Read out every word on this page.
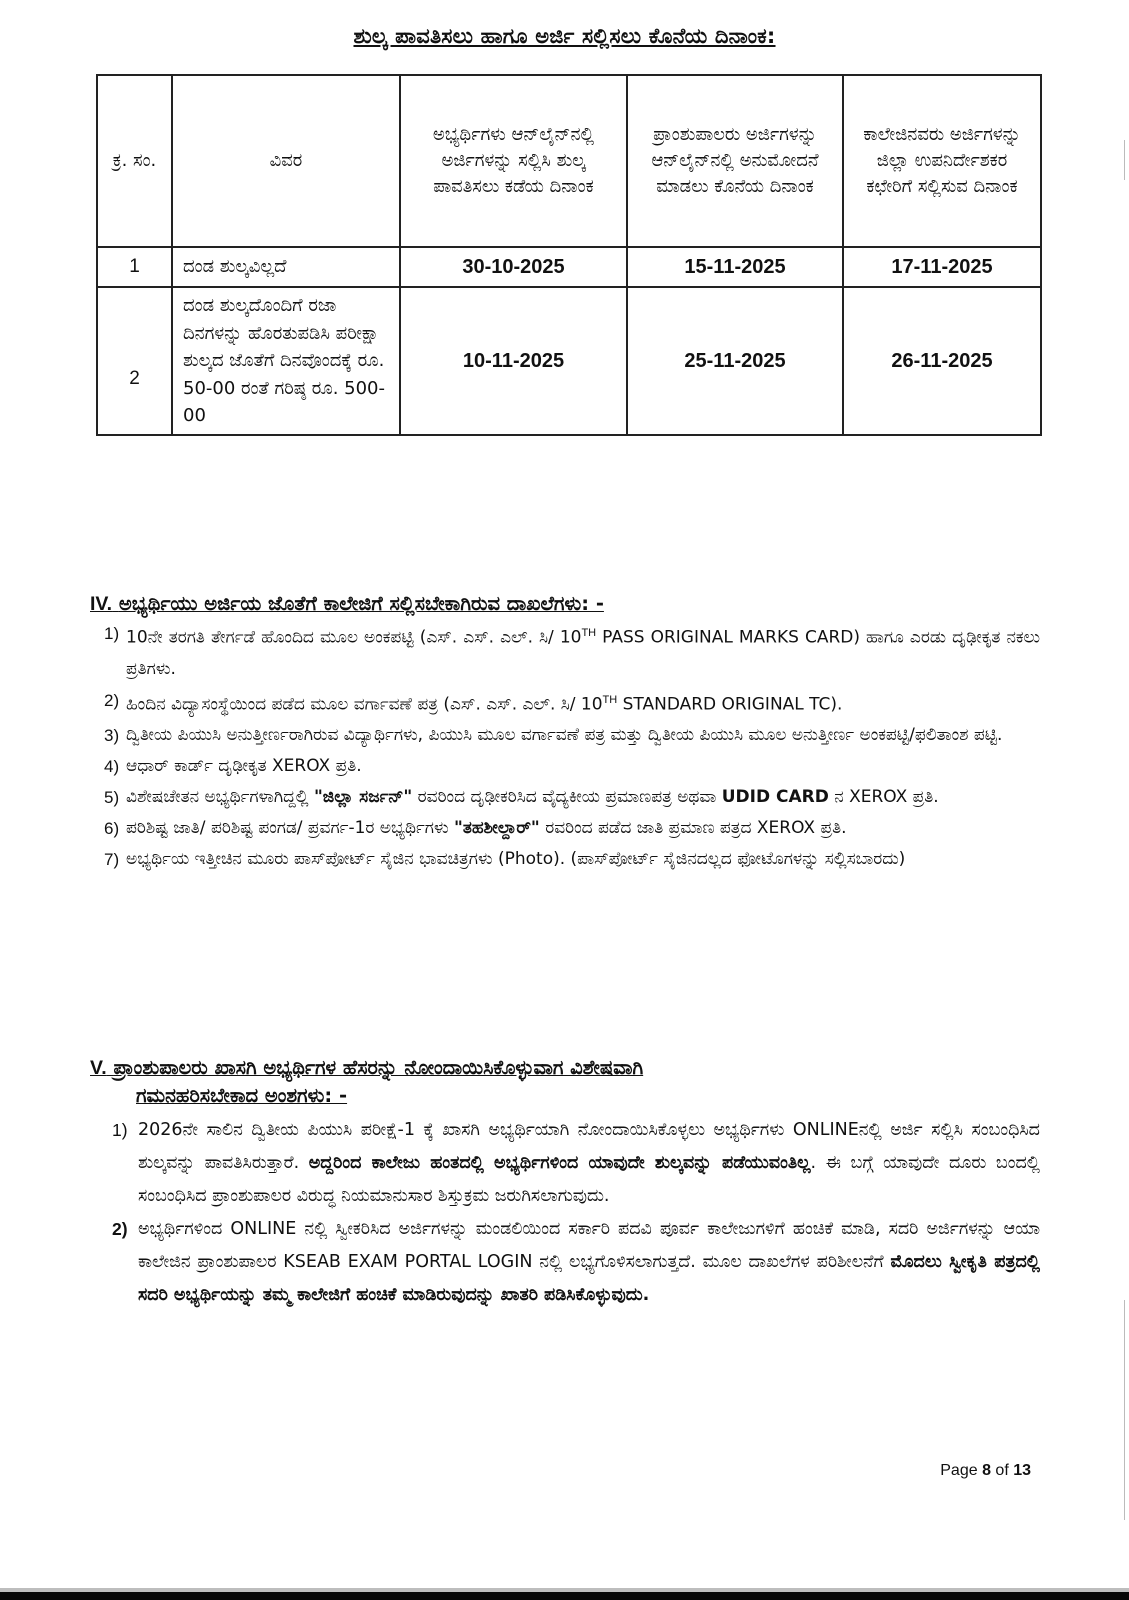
ಶುಲ್ಕ ಪಾವತಿಸಲು ಹಾಗೂ ಅರ್ಜಿ ಸಲ್ಲಿಸಲು ಕೊನೆಯ ದಿನಾಂಕ:
ಕ್ರ. ಸಂ.	ವಿವರ	ಅಭ್ಯರ್ಥಿಗಳು ಆನ್‌ಲೈನ್‌ನಲ್ಲಿ ಅರ್ಜಿಗಳನ್ನು ಸಲ್ಲಿಸಿ ಶುಲ್ಕ ಪಾವತಿಸಲು ಕಡೆಯ ದಿನಾಂಕ	ಪ್ರಾಂಶುಪಾಲರು ಅರ್ಜಿಗಳನ್ನು ಆನ್‌ಲೈನ್‌ನಲ್ಲಿ ಅನುಮೋದನೆ ಮಾಡಲು ಕೊನೆಯ ದಿನಾಂಕ	ಕಾಲೇಜಿನವರು ಅರ್ಜಿಗಳನ್ನು ಜಿಲ್ಲಾ ಉಪನಿರ್ದೇಶಕರ ಕಛೇರಿಗೆ ಸಲ್ಲಿಸುವ ದಿನಾಂಕ
1	ದಂಡ ಶುಲ್ಕವಿಲ್ಲದೆ	30-10-2025	15-11-2025	17-11-2025
2	ದಂಡ ಶುಲ್ಕದೊಂದಿಗೆ ರಜಾ ದಿನಗಳನ್ನು ಹೊರತುಪಡಿಸಿ ಪರೀಕ್ಷಾ ಶುಲ್ಕದ ಜೊತೆಗೆ ದಿನವೊಂದಕ್ಕೆ ರೂ. 50-00 ರಂತೆ ಗರಿಷ್ಠ ರೂ. 500-00	10-11-2025	25-11-2025	26-11-2025
IV. ಅಭ್ಯರ್ಥಿಯು ಅರ್ಜಿಯ ಜೊತೆಗೆ ಕಾಲೇಜಿಗೆ ಸಲ್ಲಿಸಬೇಕಾಗಿರುವ ದಾಖಲೆಗಳು: -
1) 10ನೇ ತರಗತಿ ತೇರ್ಗಡೆ ಹೊಂದಿದ ಮೂಲ ಅಂಕಪಟ್ಟಿ (ಎಸ್. ಎಸ್. ಎಲ್. ಸಿ/ 10TH PASS ORIGINAL MARKS CARD) ಹಾಗೂ ಎರಡು ದೃಢೀಕೃತ ನಕಲು ಪ್ರತಿಗಳು.
2) ಹಿಂದಿನ ವಿದ್ಯಾಸಂಸ್ಥೆಯಿಂದ ಪಡೆದ ಮೂಲ ವರ್ಗಾವಣೆ ಪತ್ರ (ಎಸ್. ಎಸ್. ಎಲ್. ಸಿ/ 10TH STANDARD ORIGINAL TC).
3) ದ್ವಿತೀಯ ಪಿಯುಸಿ ಅನುತ್ತೀರ್ಣರಾಗಿರುವ ವಿದ್ಯಾರ್ಥಿಗಳು, ಪಿಯುಸಿ ಮೂಲ ವರ್ಗಾವಣೆ ಪತ್ರ ಮತ್ತು ದ್ವಿತೀಯ ಪಿಯುಸಿ ಮೂಲ ಅನುತ್ತೀರ್ಣ ಅಂಕಪಟ್ಟಿ/ಫಲಿತಾಂಶ ಪಟ್ಟಿ.
4) ಆಧಾರ್ ಕಾರ್ಡ್ ದೃಢೀಕೃತ XEROX ಪ್ರತಿ.
5) ವಿಶೇಷಚೇತನ ಅಭ್ಯರ್ಥಿಗಳಾಗಿದ್ದಲ್ಲಿ "ಜಿಲ್ಲಾ ಸರ್ಜನ್" ರವರಿಂದ ದೃಢೀಕರಿಸಿದ ವೈದ್ಯಕೀಯ ಪ್ರಮಾಣಪತ್ರ ಅಥವಾ UDID CARD ನ XEROX ಪ್ರತಿ.
6) ಪರಿಶಿಷ್ಟ ಜಾತಿ/ ಪರಿಶಿಷ್ಟ ಪಂಗಡ/ ಪ್ರವರ್ಗ-1ರ ಅಭ್ಯರ್ಥಿಗಳು "ತಹಶೀಲ್ದಾರ್" ರವರಿಂದ ಪಡೆದ ಜಾತಿ ಪ್ರಮಾಣ ಪತ್ರದ XEROX ಪ್ರತಿ.
7) ಅಭ್ಯರ್ಥಿಯ ಇತ್ತೀಚಿನ ಮೂರು ಪಾಸ್‌ಪೋರ್ಟ್ ಸೈಜಿನ ಭಾವಚಿತ್ರಗಳು (Photo). (ಪಾಸ್‌ಪೋರ್ಟ್ ಸೈಜಿನದಲ್ಲದ ಫೋಟೊಗಳನ್ನು ಸಲ್ಲಿಸಬಾರದು)
V. ಪ್ರಾಂಶುಪಾಲರು ಖಾಸಗಿ ಅಭ್ಯರ್ಥಿಗಳ ಹೆಸರನ್ನು ನೋಂದಾಯಿಸಿಕೊಳ್ಳುವಾಗ ವಿಶೇಷವಾಗಿ
ಗಮನಹರಿಸಬೇಕಾದ ಅಂಶಗಳು: -
1) 2026ನೇ ಸಾಲಿನ ದ್ವಿತೀಯ ಪಿಯುಸಿ ಪರೀಕ್ಷೆ-1 ಕ್ಕೆ ಖಾಸಗಿ ಅಭ್ಯರ್ಥಿಯಾಗಿ ನೋಂದಾಯಿಸಿಕೊಳ್ಳಲು ಅಭ್ಯರ್ಥಿಗಳು ONLINEನಲ್ಲಿ ಅರ್ಜಿ ಸಲ್ಲಿಸಿ ಸಂಬಂಧಿಸಿದ ಶುಲ್ಕವನ್ನು ಪಾವತಿಸಿರುತ್ತಾರೆ. ಅದ್ದರಿಂದ ಕಾಲೇಜು ಹಂತದಲ್ಲಿ ಅಭ್ಯರ್ಥಿಗಳಿಂದ ಯಾವುದೇ ಶುಲ್ಕವನ್ನು ಪಡೆಯುವಂತಿಲ್ಲ. ಈ ಬಗ್ಗೆ ಯಾವುದೇ ದೂರು ಬಂದಲ್ಲಿ ಸಂಬಂಧಿಸಿದ ಪ್ರಾಂಶುಪಾಲರ ವಿರುದ್ಧ ನಿಯಮಾನುಸಾರ ಶಿಸ್ತುಕ್ರಮ ಜರುಗಿಸಲಾಗುವುದು.
2) ಅಭ್ಯರ್ಥಿಗಳಿಂದ ONLINE ನಲ್ಲಿ ಸ್ವೀಕರಿಸಿದ ಅರ್ಜಿಗಳನ್ನು ಮಂಡಲಿಯಿಂದ ಸರ್ಕಾರಿ ಪದವಿ ಪೂರ್ವ ಕಾಲೇಜುಗಳಿಗೆ ಹಂಚಿಕೆ ಮಾಡಿ, ಸದರಿ ಅರ್ಜಿಗಳನ್ನು ಆಯಾ ಕಾಲೇಜಿನ ಪ್ರಾಂಶುಪಾಲರ KSEAB EXAM PORTAL LOGIN ನಲ್ಲಿ ಲಭ್ಯಗೊಳಿಸಲಾಗುತ್ತದೆ. ಮೂಲ ದಾಖಲೆಗಳ ಪರಿಶೀಲನೆಗೆ ಮೊದಲು ಸ್ವೀಕೃತಿ ಪತ್ರದಲ್ಲಿ ಸದರಿ ಅಭ್ಯರ್ಥಿಯನ್ನು ತಮ್ಮ ಕಾಲೇಜಿಗೆ ಹಂಚಿಕೆ ಮಾಡಿರುವುದನ್ನು ಖಾತರಿ ಪಡಿಸಿಕೊಳ್ಳುವುದು.
Page 8 of 13
